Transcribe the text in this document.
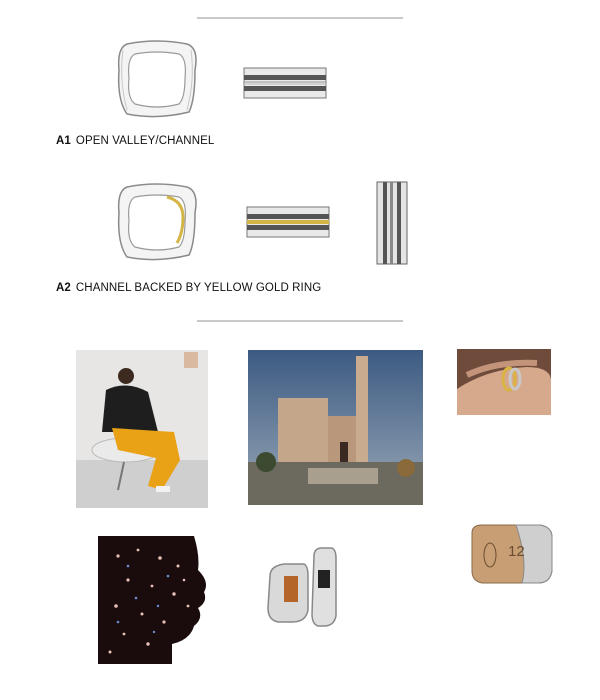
A1 OPEN VALLEY/CHANNEL
A2 CHANNEL BACKED BY YELLOW GOLD RING
12
